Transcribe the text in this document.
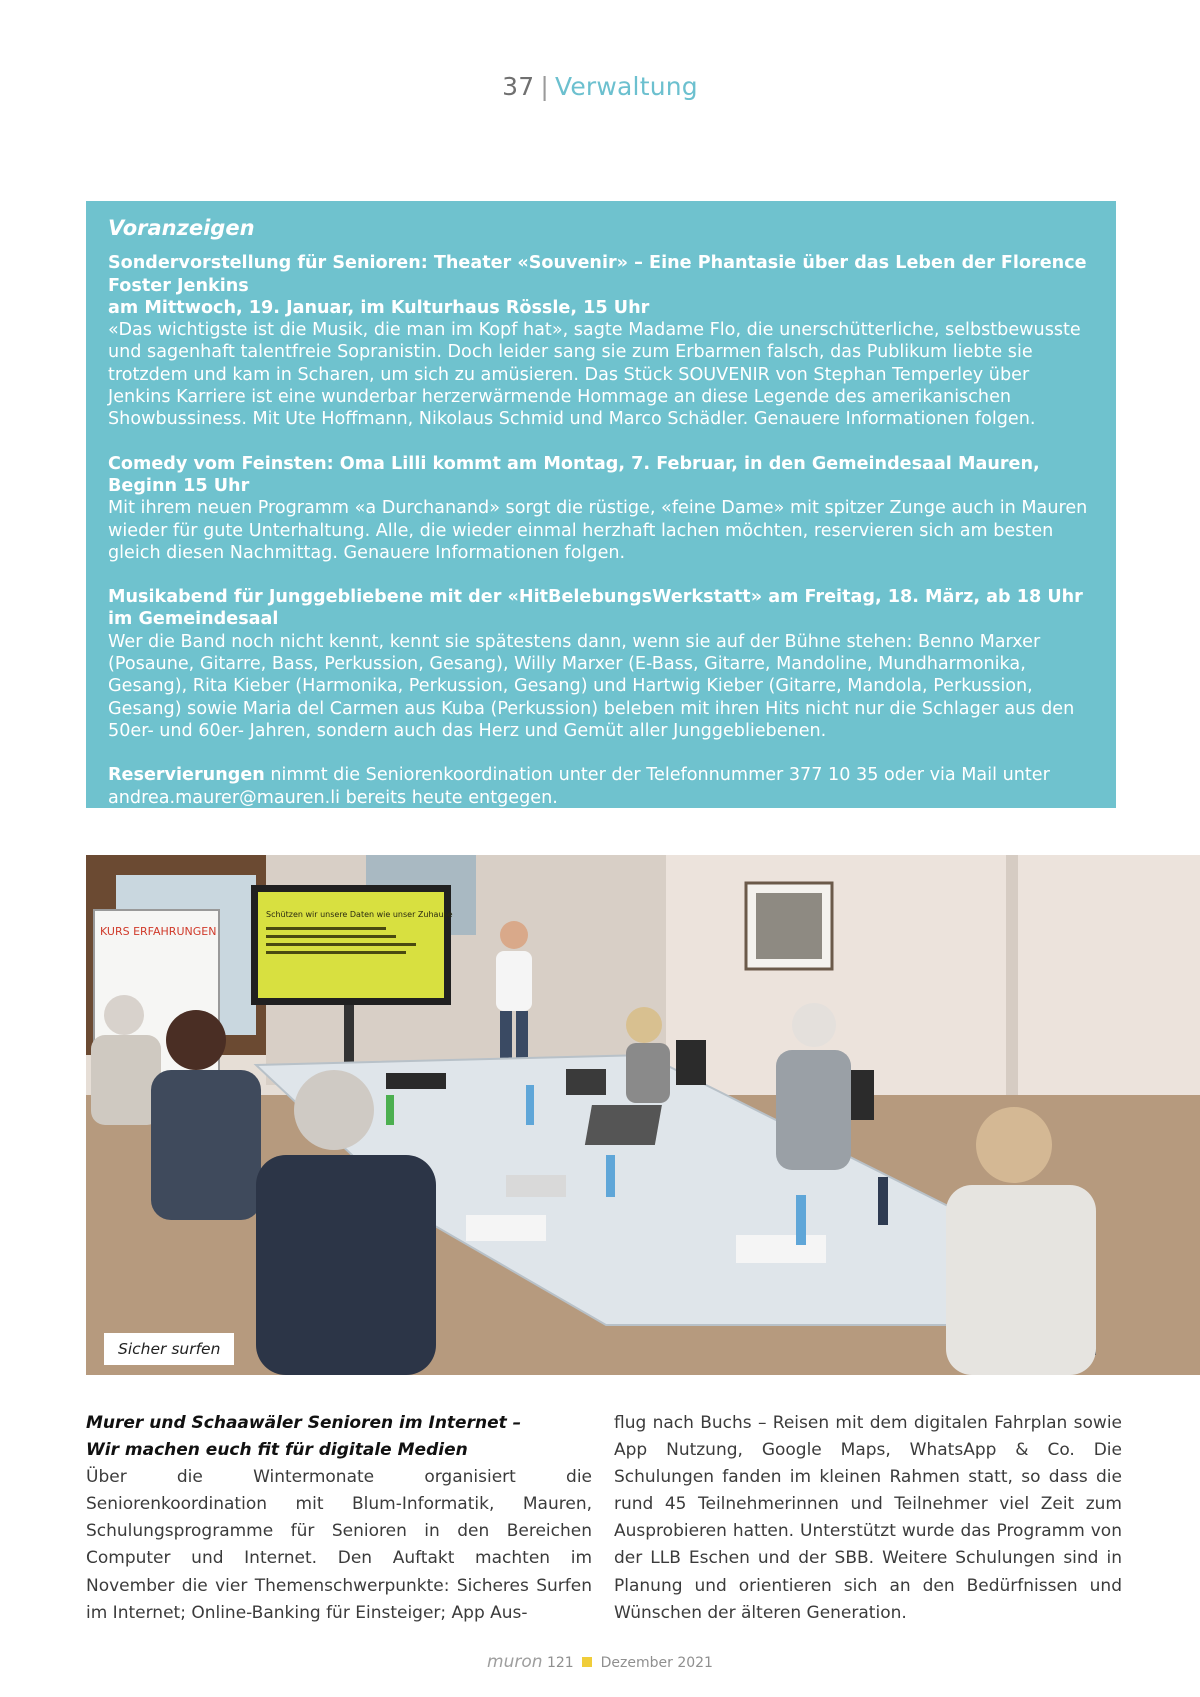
37 | Verwaltung
Voranzeigen

Sondervorstellung für Senioren: Theater «Souvenir» – Eine Phantasie über das Leben der Florence Foster Jenkins
am Mittwoch, 19. Januar, im Kulturhaus Rössle, 15 Uhr
«Das wichtigste ist die Musik, die man im Kopf hat», sagte Madame Flo, die unerschütterliche, selbstbewusste und sagenhaft talentfreie Sopranistin. Doch leider sang sie zum Erbarmen falsch, das Publikum liebte sie trotzdem und kam in Scharen, um sich zu amüsieren. Das Stück SOUVENIR von Stephan Temperley über Jenkins Karriere ist eine wunderbar herzerwärmende Hommage an diese Legende des amerikanischen Showbussiness. Mit Ute Hoffmann, Nikolaus Schmid und Marco Schädler. Genauere Informationen folgen.

Comedy vom Feinsten: Oma Lilli kommt am Montag, 7. Februar, in den Gemeindesaal Mauren, Beginn 15 Uhr
Mit ihrem neuen Programm «a Durchanand» sorgt die rüstige, «feine Dame» mit spitzer Zunge auch in Mauren wieder für gute Unterhaltung. Alle, die wieder einmal herzhaft lachen möchten, reservieren sich am besten gleich diesen Nachmittag. Genauere Informationen folgen.

Musikabend für Junggebliebene mit der «HitBelebungsWerkstatt» am Freitag, 18. März, ab 18 Uhr im Gemeindesaal
Wer die Band noch nicht kennt, kennt sie spätestens dann, wenn sie auf der Bühne stehen: Benno Marxer (Posaune, Gitarre, Bass, Perkussion, Gesang), Willy Marxer (E-Bass, Gitarre, Mandoline, Mundharmonika, Gesang), Rita Kieber (Harmonika, Perkussion, Gesang) und Hartwig Kieber (Gitarre, Mandola, Perkussion, Gesang) sowie Maria del Carmen aus Kuba (Perkussion) beleben mit ihren Hits nicht nur die Schlager aus den 50er- und 60er- Jahren, sondern auch das Herz und Gemüt aller Junggebliebenen.

Reservierungen nimmt die Seniorenkoordination unter der Telefonnummer 377 10 35 oder via Mail unter andrea.maurer@mauren.li bereits heute entgegen.

KURS ERFAHRUNGEN
Schützen wir unsere Daten wie unser Zuhause
Sicher surfen
Murer und Schaawäler Senioren im Internet –
Wir machen euch fit für digitale Medien
Über die Wintermonate organisiert die Seniorenkoordination mit Blum-Informatik, Mauren, Schulungsprogramme für Senioren in den Bereichen Computer und Internet. Den Auftakt machten im November die vier Themenschwerpunkte: Sicheres Surfen im Internet; Online-Banking für Einsteiger; App Aus-
flug nach Buchs – Reisen mit dem digitalen Fahrplan sowie App Nutzung, Google Maps, WhatsApp & Co. Die Schulungen fanden im kleinen Rahmen statt, so dass die rund 45 Teilnehmerinnen und Teilnehmer viel Zeit zum Ausprobieren hatten. Unterstützt wurde das Programm von der LLB Eschen und der SBB. Weitere Schulungen sind in Planung und orientieren sich an den Bedürfnissen und Wünschen der älteren Generation.
muron 121 Dezember 2021
